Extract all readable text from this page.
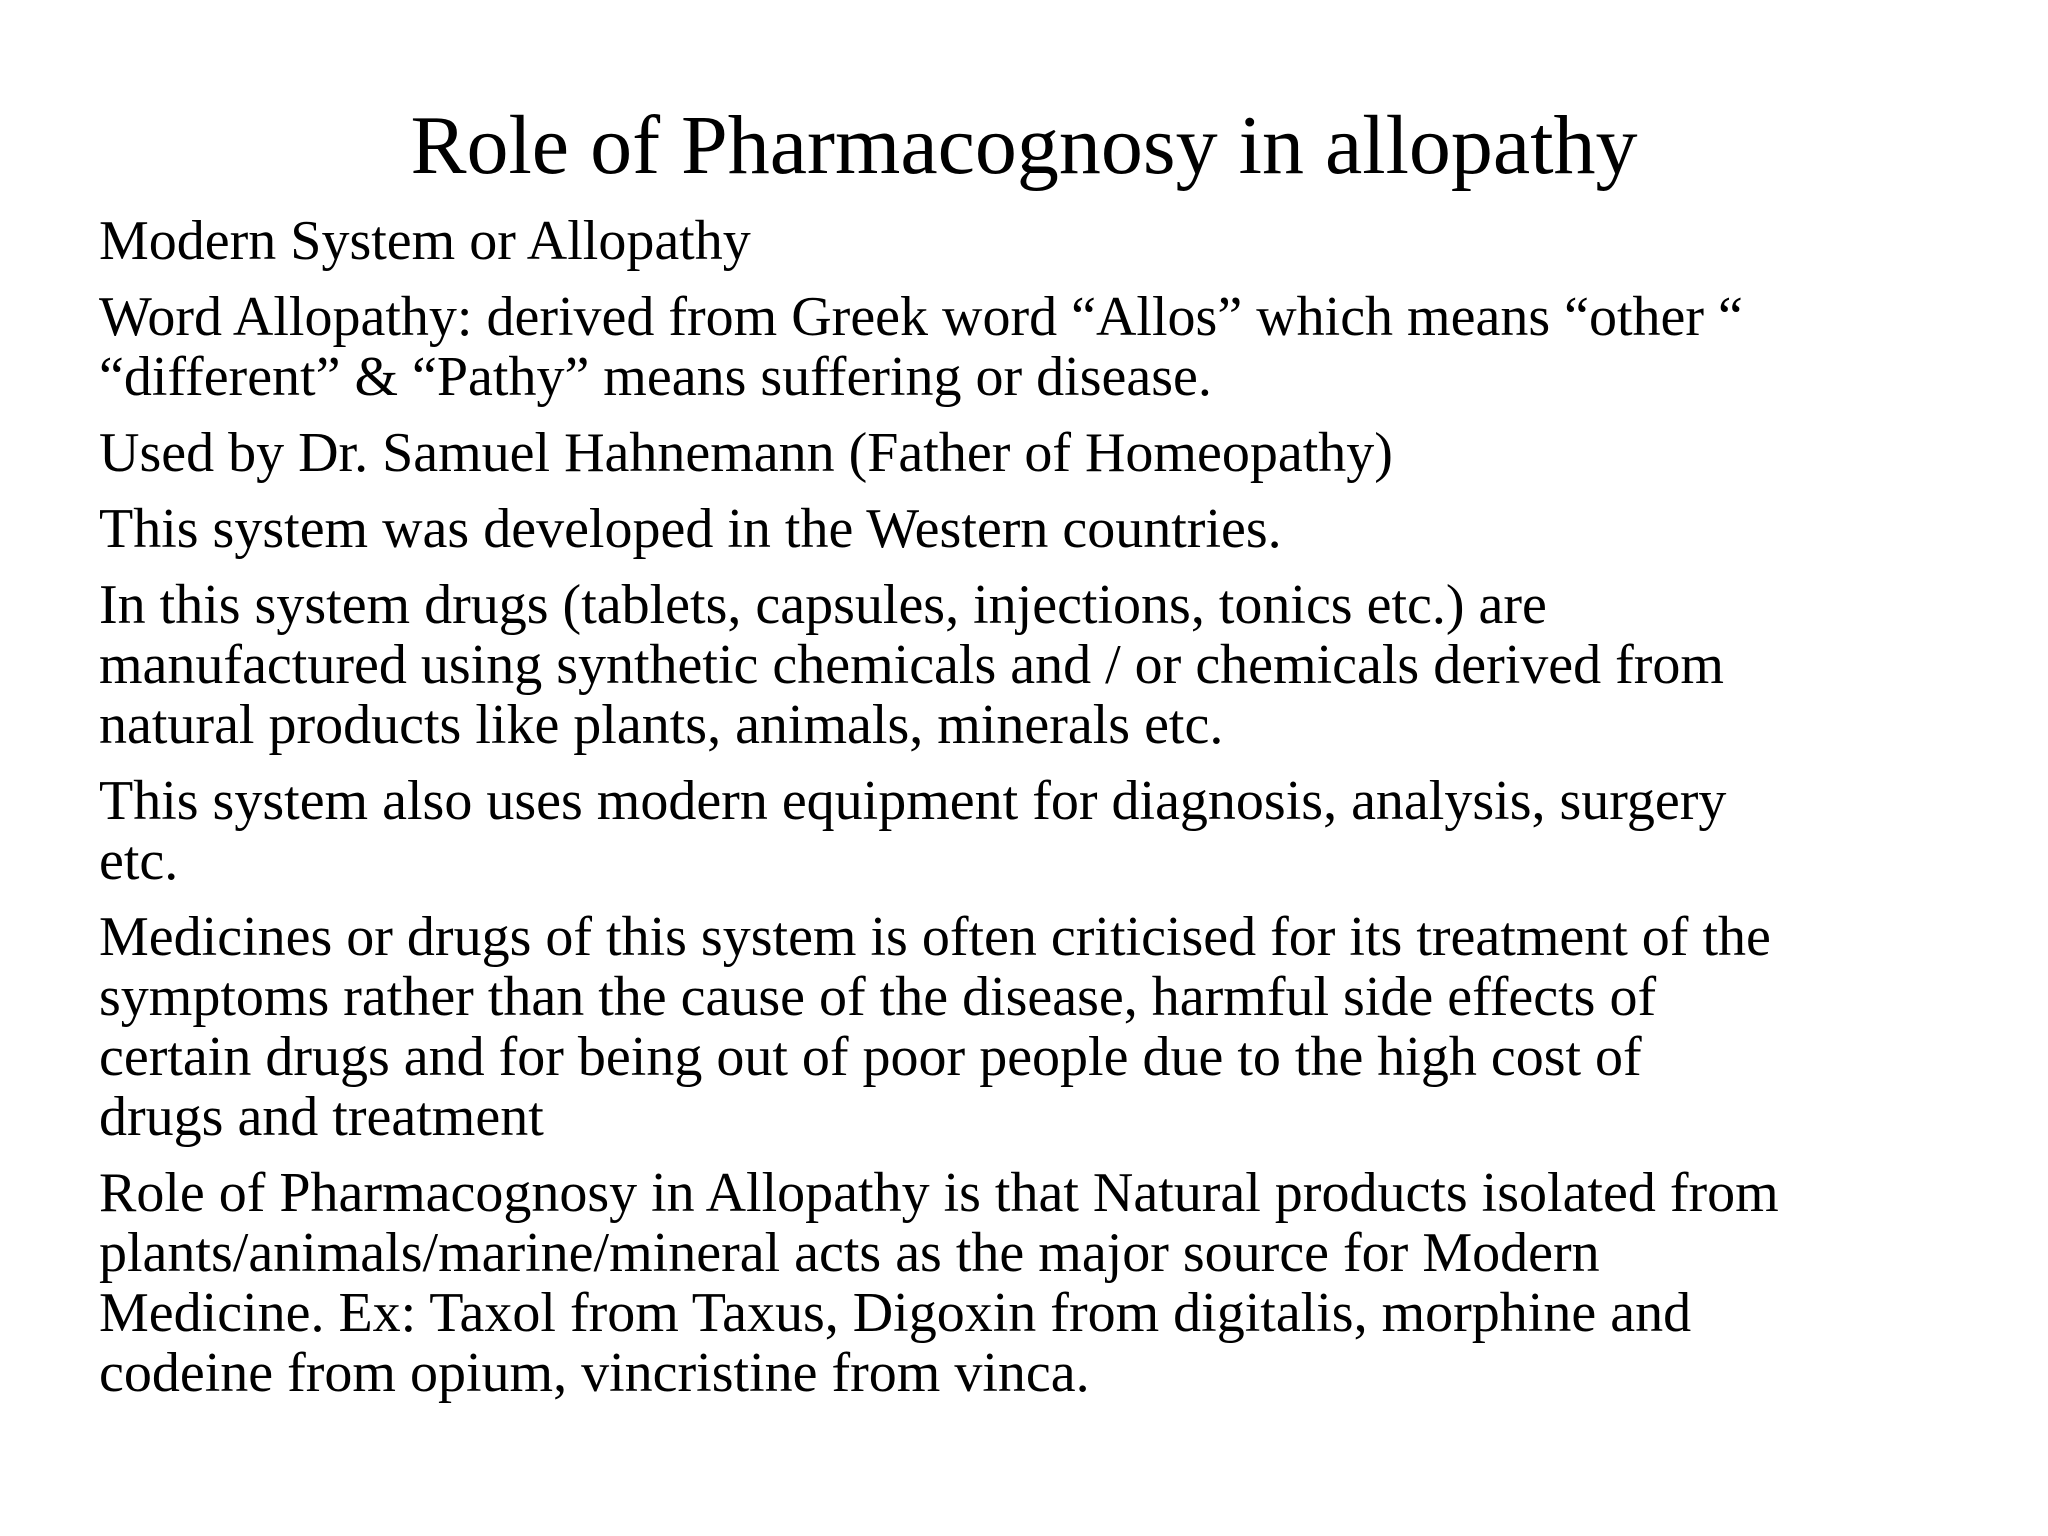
Role of Pharmacognosy in allopathy
Modern System or Allopathy
Word Allopathy: derived from Greek word “Allos” which means “other “
“different” & “Pathy” means suffering or disease.
Used by Dr. Samuel Hahnemann (Father of Homeopathy)
This system was developed in the Western countries.
In this system drugs (tablets, capsules, injections, tonics etc.) are
manufactured using synthetic chemicals and / or chemicals derived from
natural products like plants, animals, minerals etc.
This system also uses modern equipment for diagnosis, analysis, surgery
etc.
Medicines or drugs of this system is often criticised for its treatment of the
symptoms rather than the cause of the disease, harmful side effects of
certain drugs and for being out of poor people due to the high cost of
drugs and treatment
Role of Pharmacognosy in Allopathy is that Natural products isolated from
plants/animals/marine/mineral acts as the major source for Modern
Medicine. Ex: Taxol from Taxus, Digoxin from digitalis, morphine and
codeine from opium, vincristine from vinca.
